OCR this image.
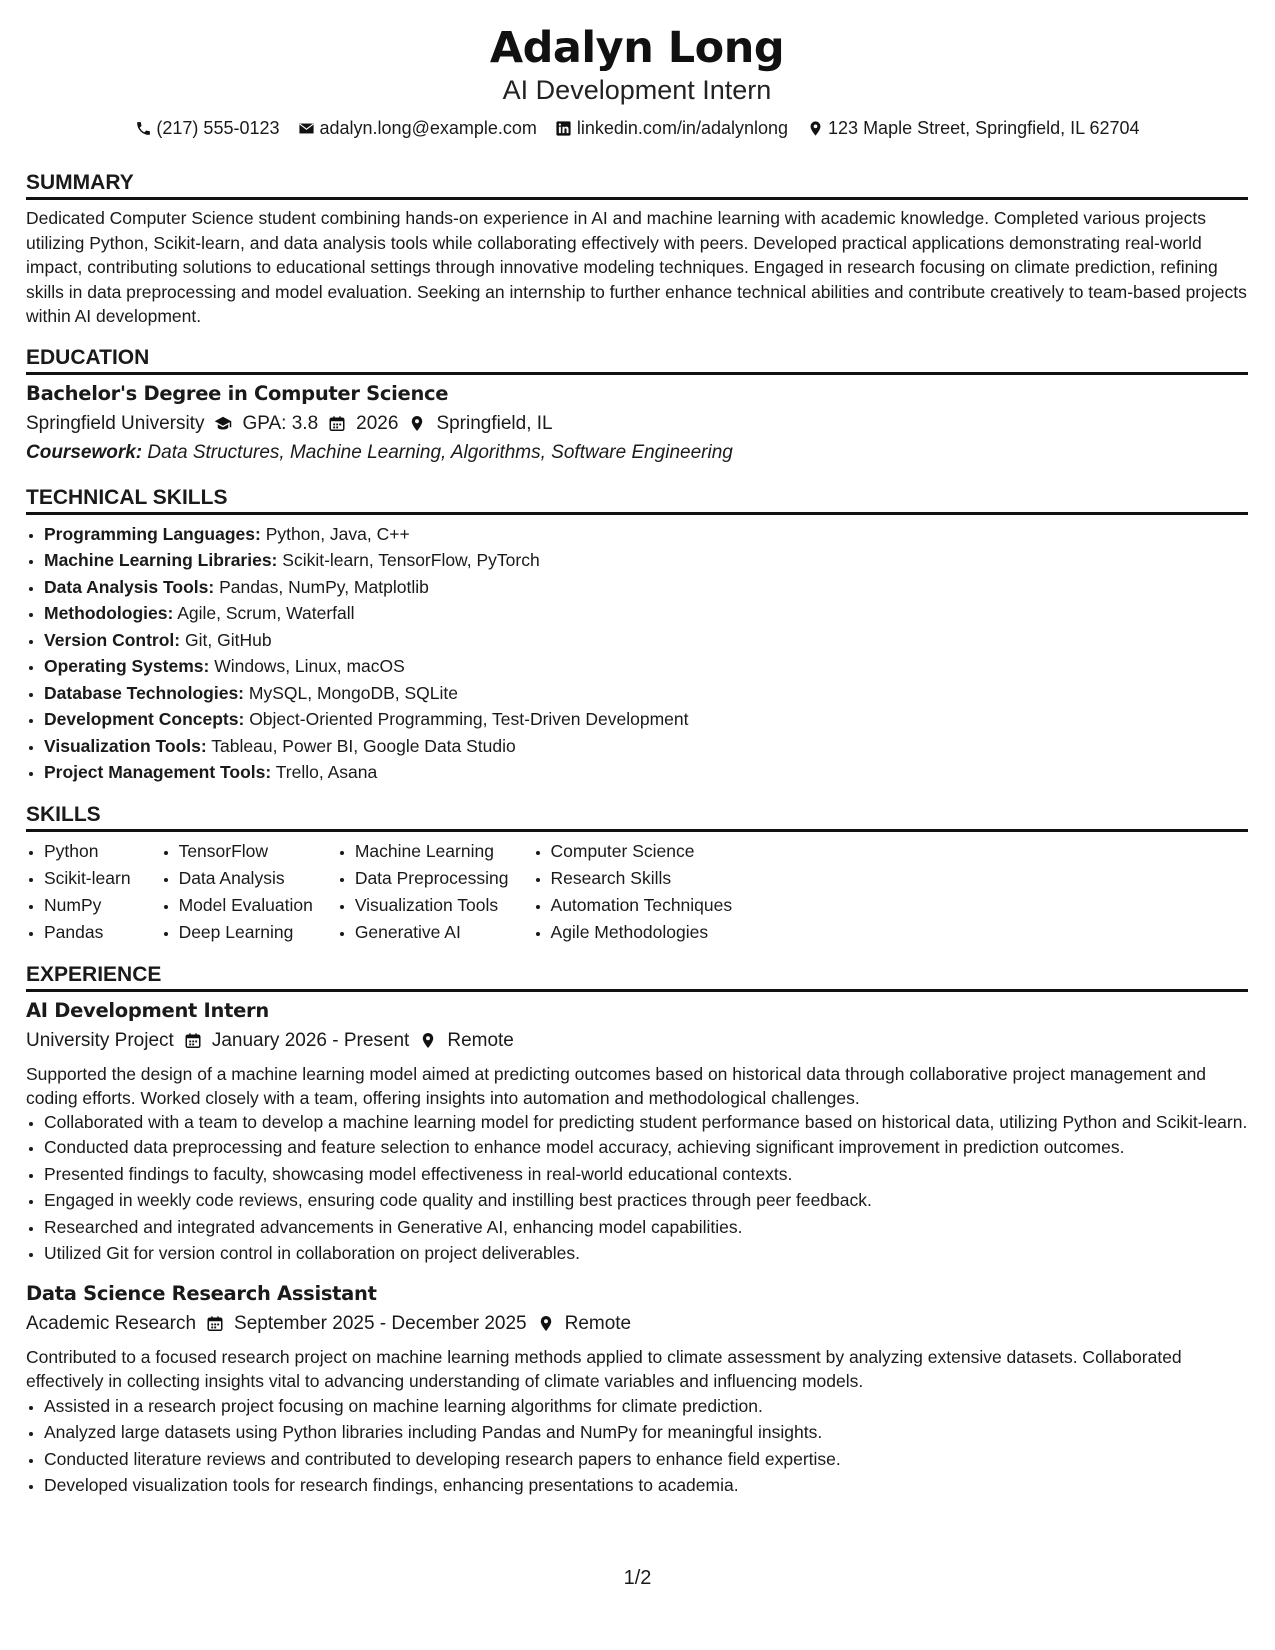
Adalyn Long
AI Development Intern
(217) 555-0123 adalyn.long@example.com linkedin.com/in/adalynlong 123 Maple Street, Springfield, IL 62704
SUMMARY

Dedicated Computer Science student combining hands-on experience in AI and machine learning with academic knowledge. Completed various projects utilizing Python, Scikit-learn, and data analysis tools while collaborating effectively with peers. Developed practical applications demonstrating real-world impact, contributing solutions to educational settings through innovative modeling techniques. Engaged in research focusing on climate prediction, refining skills in data preprocessing and model evaluation. Seeking an internship to further enhance technical abilities and contribute creatively to team-based projects within AI development.

EDUCATION
Bachelor's Degree in Computer Science
Springfield University GPA: 3.8 2026 Springfield, IL
Coursework: Data Structures, Machine Learning, Algorithms, Software Engineering
TECHNICAL SKILLS
• Programming Languages: Python, Java, C++
• Machine Learning Libraries: Scikit-learn, TensorFlow, PyTorch
• Data Analysis Tools: Pandas, NumPy, Matplotlib
• Methodologies: Agile, Scrum, Waterfall
• Version Control: Git, GitHub
• Operating Systems: Windows, Linux, macOS
• Database Technologies: MySQL, MongoDB, SQLite
• Development Concepts: Object-Oriented Programming, Test-Driven Development
• Visualization Tools: Tableau, Power BI, Google Data Studio
• Project Management Tools: Trello, Asana
SKILLS
• Python
• Scikit-learn
• NumPy
• Pandas
• TensorFlow
• Data Analysis
• Model Evaluation
• Deep Learning
• Machine Learning
• Data Preprocessing
• Visualization Tools
• Generative AI
• Computer Science
• Research Skills
• Automation Techniques
• Agile Methodologies
EXPERIENCE
AI Development Intern
University Project January 2026 - Present Remote
Supported the design of a machine learning model aimed at predicting outcomes based on historical data through collaborative project management and coding efforts. Worked closely with a team, offering insights into automation and methodological challenges.
• Collaborated with a team to develop a machine learning model for predicting student performance based on historical data, utilizing Python and Scikit-learn.
• Conducted data preprocessing and feature selection to enhance model accuracy, achieving significant improvement in prediction outcomes.
• Presented findings to faculty, showcasing model effectiveness in real-world educational contexts.
• Engaged in weekly code reviews, ensuring code quality and instilling best practices through peer feedback.
• Researched and integrated advancements in Generative AI, enhancing model capabilities.
• Utilized Git for version control in collaboration on project deliverables.
Data Science Research Assistant
Academic Research September 2025 - December 2025 Remote
Contributed to a focused research project on machine learning methods applied to climate assessment by analyzing extensive datasets. Collaborated effectively in collecting insights vital to advancing understanding of climate variables and influencing models.
• Assisted in a research project focusing on machine learning algorithms for climate prediction.
• Analyzed large datasets using Python libraries including Pandas and NumPy for meaningful insights.
• Conducted literature reviews and contributed to developing research papers to enhance field expertise.
• Developed visualization tools for research findings, enhancing presentations to academia.
1/2
